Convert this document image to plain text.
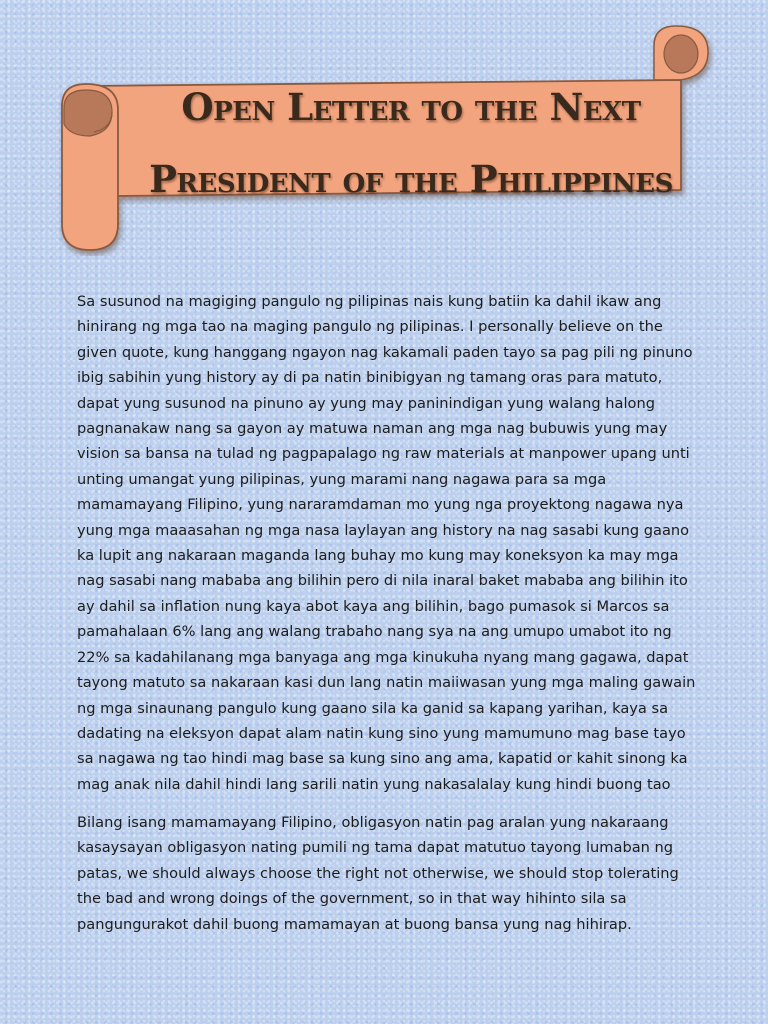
Open Letter to the Next
President of the Philippines

Sa susunod na magiging pangulo ng pilipinas nais kung batiin ka dahil ikaw ang hinirang ng mga tao na maging pangulo ng pilipinas. I personally believe on the given quote, kung hanggang ngayon nag kakamali paden tayo sa pag pili ng pinuno ibig sabihin yung history ay di pa natin binibigyan ng tamang oras para matuto, dapat yung susunod na pinuno ay yung may paninindigan yung walang halong pagnanakaw nang sa gayon ay matuwa naman ang mga nag bubuwis yung may vision sa bansa na tulad ng pagpapalago ng raw materials at manpower upang unti unting umangat yung pilipinas, yung marami nang nagawa para sa mga mamamayang Filipino, yung nararamdaman mo yung nga proyektong nagawa nya yung mga maaasahan ng mga nasa laylayan ang history na nag sasabi kung gaano ka lupit ang nakaraan maganda lang buhay mo kung may koneksyon ka may mga nag sasabi nang mababa ang bilihin pero di nila inaral baket mababa ang bilihin ito ay dahil sa inflation nung kaya abot kaya ang bilihin, bago pumasok si Marcos sa pamahalaan 6% lang ang walang trabaho nang sya na ang umupo umabot ito ng 22% sa kadahilanang mga banyaga ang mga kinukuha nyang mang gagawa, dapat tayong matuto sa nakaraan kasi dun lang natin maiiwasan yung mga maling gawain ng mga sinaunang pangulo kung gaano sila ka ganid sa kapang yarihan, kaya sa dadating na eleksyon dapat alam natin kung sino yung mamumuno mag base tayo sa nagawa ng tao hindi mag base sa kung sino ang ama, kapatid or kahit sinong ka mag anak nila dahil hindi lang sarili natin yung nakasalalay kung hindi buong tao

Bilang isang mamamayang Filipino, obligasyon natin pag aralan yung nakaraang kasaysayan obligasyon nating pumili ng tama dapat matutuo tayong lumaban ng patas, we should always choose the right not otherwise, we should stop tolerating the bad and wrong doings of the government, so in that way hihinto sila sa pangungurakot dahil buong mamamayan at buong bansa yung nag hihirap.
